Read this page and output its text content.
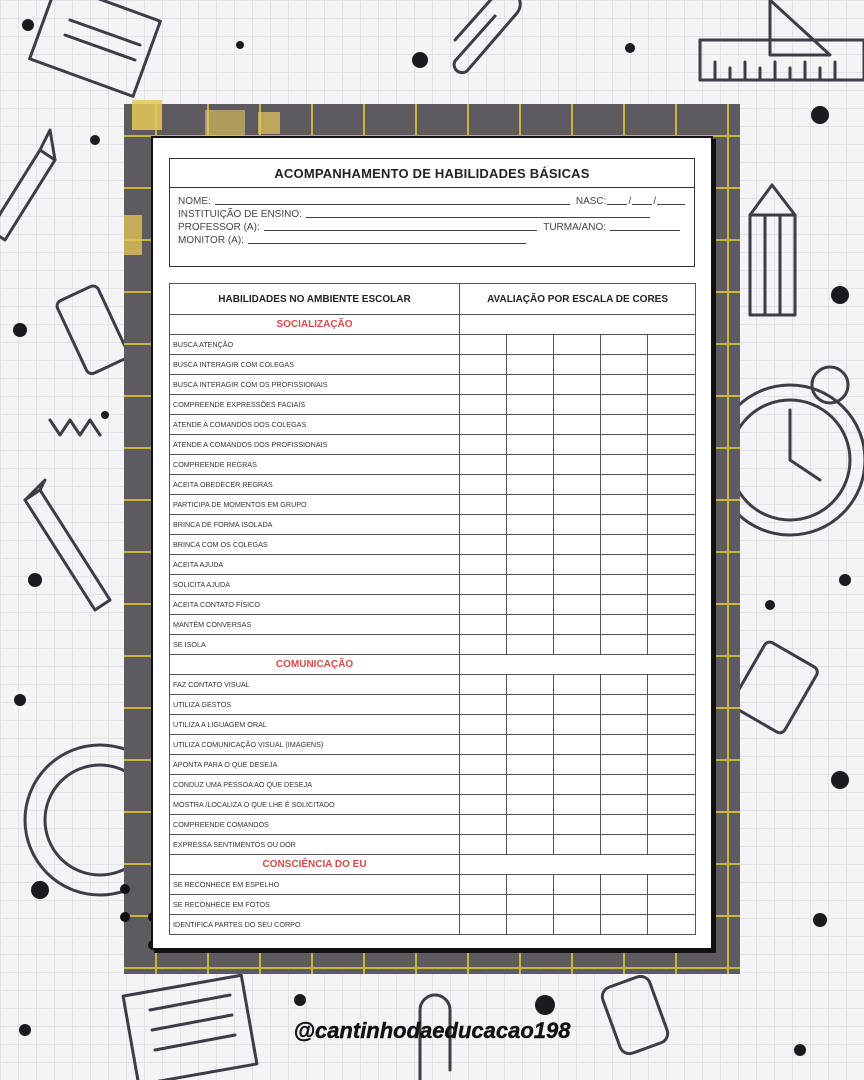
ACOMPANHAMENTO DE HABILIDADES BÁSICAS
NOME:	NASC: / /
INSTITUIÇÃO DE ENSINO:
PROFESSOR (A):	TURMA/ANO:
MONITOR (A):
HABILIDADES NO AMBIENTE ESCOLAR	AVALIAÇÃO POR ESCALA DE CORES				
SOCIALIZAÇÃO					
BUSCA ATENÇÃO					
BUSCA INTERAGIR COM COLEGAS					
BUSCA INTERAGIR COM OS PROFISSIONAIS					
COMPREENDE EXPRESSÕES FACIAIS					
ATENDE A COMANDOS DOS COLEGAS					
ATENDE A COMANDOS DOS PROFISSIONAIS					
COMPREENDE REGRAS					
ACEITA OBEDECER REGRAS					
PARTICIPA DE MOMENTOS EM GRUPO					
BRINCA DE FORMA ISOLADA					
BRINCA COM OS COLEGAS					
ACEITA AJUDA					
SOLICITA AJUDA					
ACEITA CONTATO FÍSICO					
MANTÉM CONVERSAS					
SE ISOLA					
COMUNICAÇÃO					
FAZ CONTATO VISUAL					
UTILIZA GESTOS					
UTILIZA A LIGUAGEM ORAL					
UTILIZA COMUNICAÇÃO VISUAL (IMAGENS)					
APONTA PARA O QUE DESEJA					
CONDUZ UMA PESSOA AO QUE DESEJA					
MOSTRA /LOCALIZA O QUE LHE É SOLICITADO					
COMPREENDE COMANDOS					
EXPRESSA SENTIMENTOS OU DOR					
CONSCIÊNCIA DO EU					
SE RECONHECE EM ESPELHO					
SE RECONHECE EM FOTOS					
IDENTIFICA PARTES DO SEU CORPO					
@cantinhodaeducacao198
